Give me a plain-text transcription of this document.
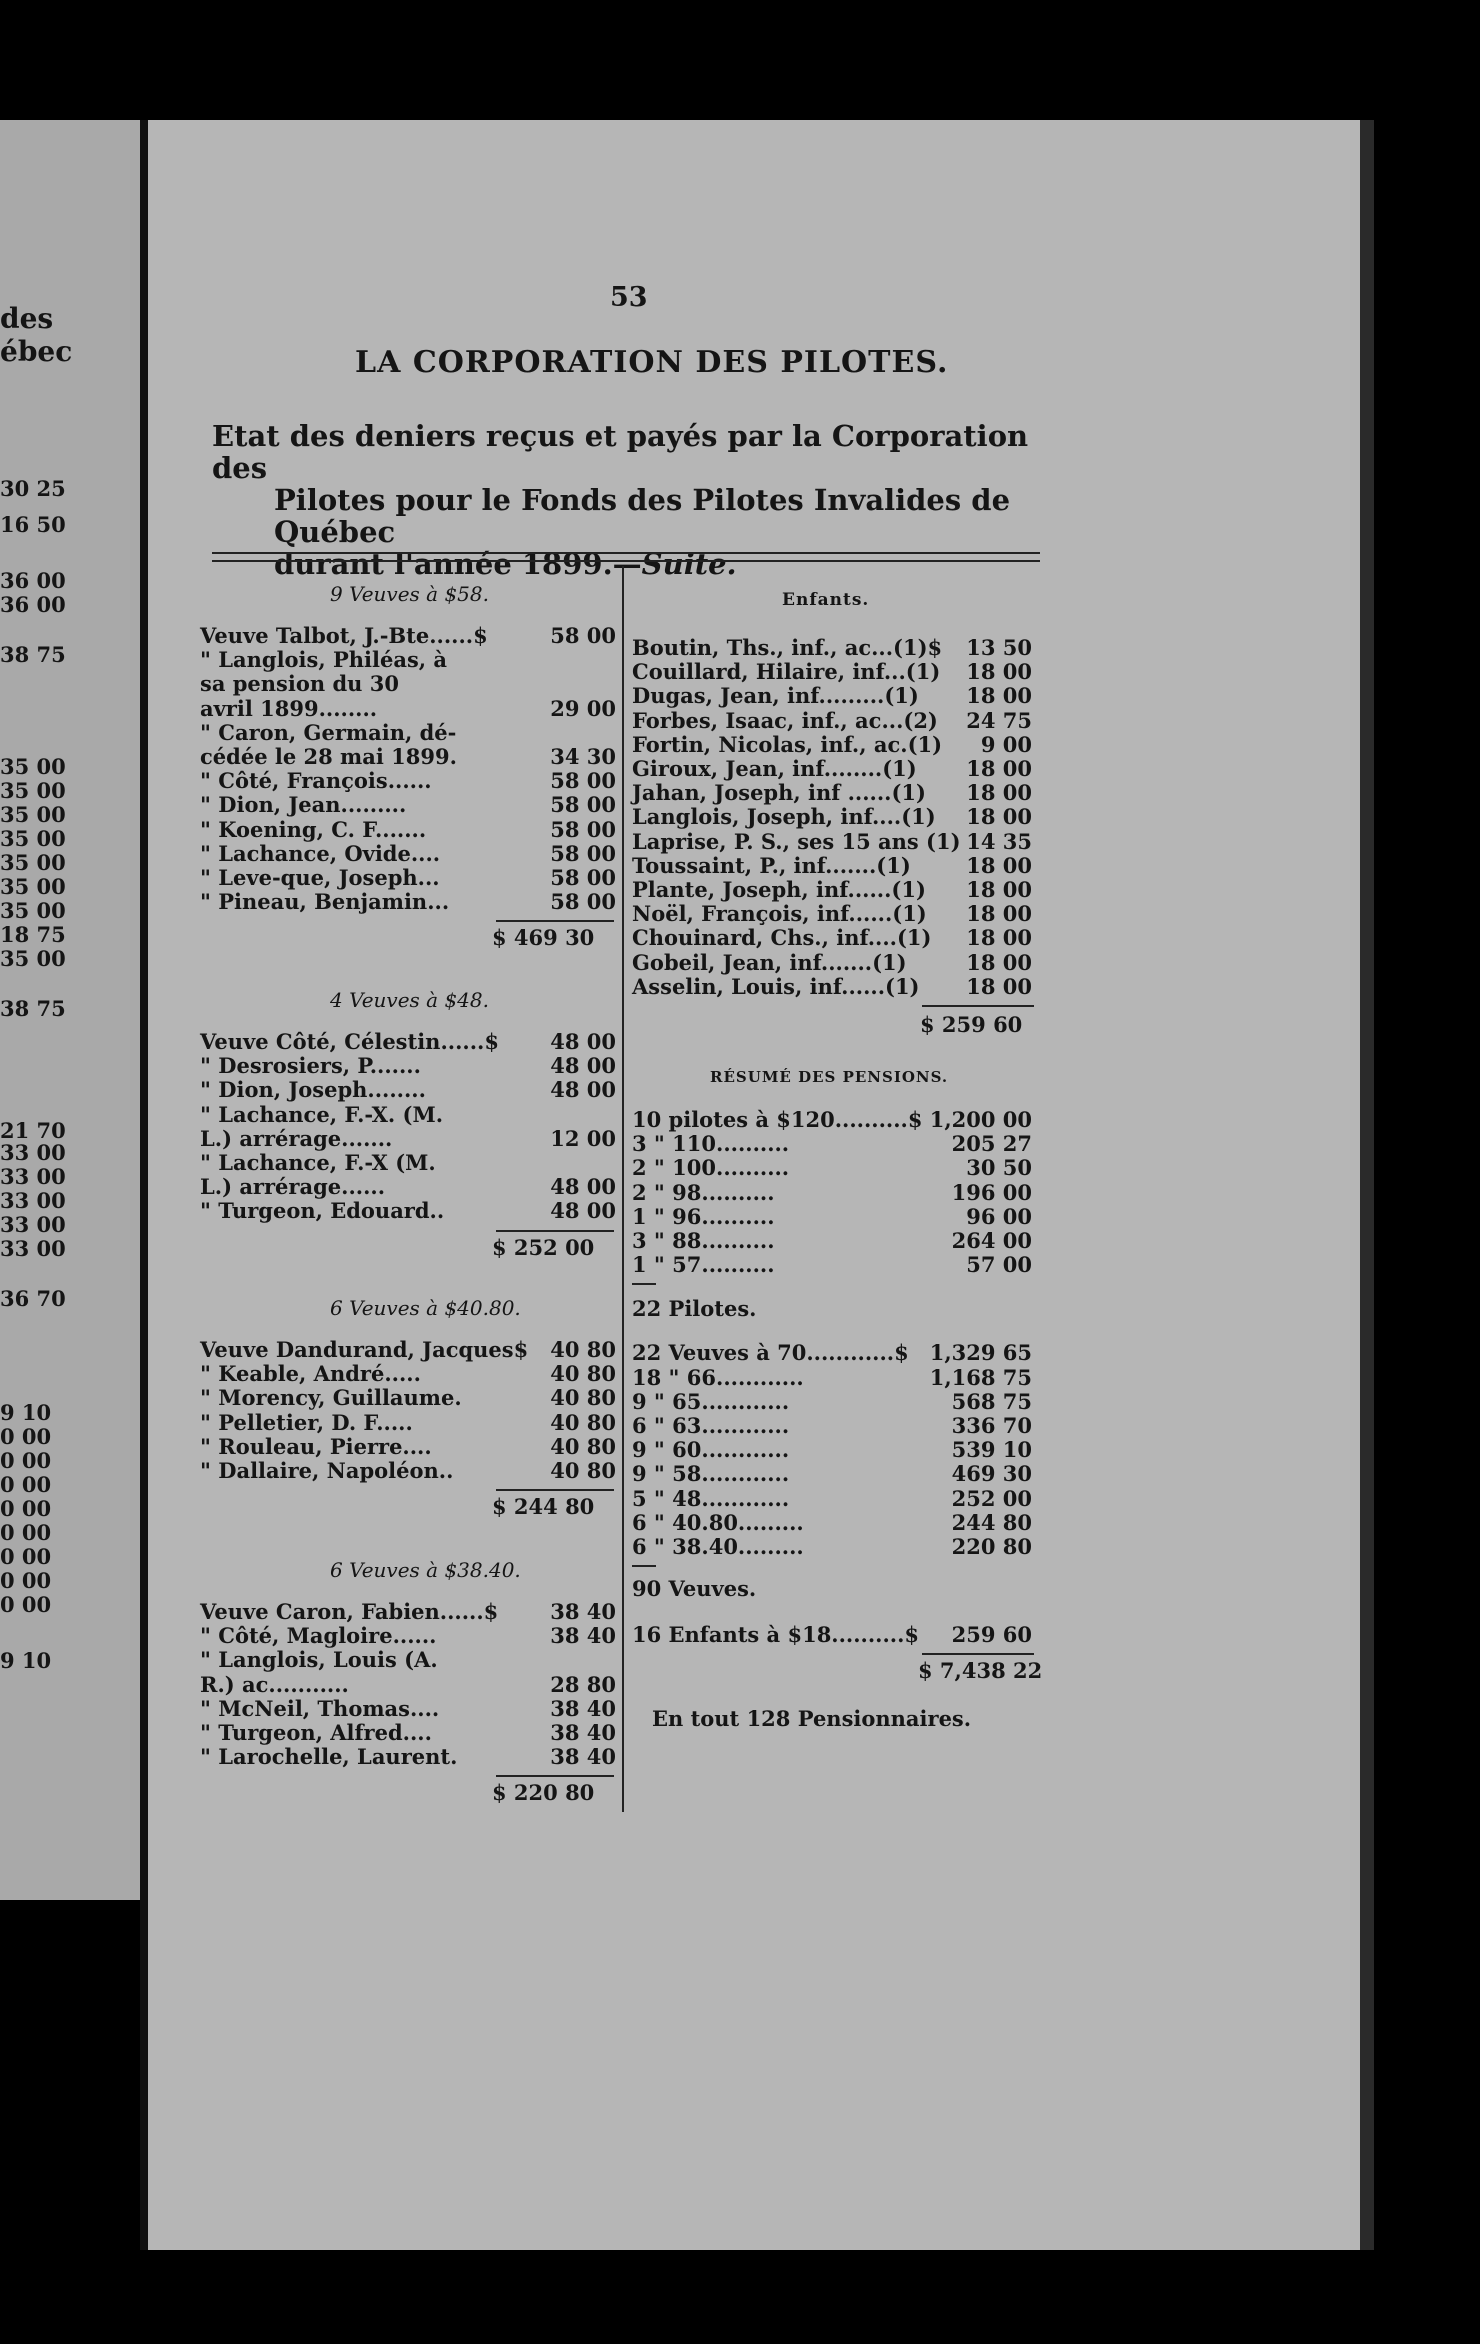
des
ébec
30 25
16 50
36 00
36 00
38 75
35 00
35 00
35 00
35 00
35 00
35 00
35 00
18 75
35 00
38 75
21 70
33 00
33 00
33 00
33 00
33 00
36 70
9 10
0 00
0 00
0 00
0 00
0 00
0 00
0 00
0 00
9 10
53
LA CORPORATION DES PILOTES.
Etat des deniers reçus et payés par la Corporation des
Pilotes pour le Fonds des Pilotes Invalides de Québec
durant l'année 1899.—Suite.
9 Veuves à $58.
Veuve Talbot, J.-Bte......$	58 00
" Langlois, Philéas, à
sa pension du 30
avril 1899........	29 00
" Caron, Germain, dé-
cédée le 28 mai 1899.	34 30
" Côté, François......	58 00
" Dion, Jean.........	58 00
" Koening, C. F.......	58 00
" Lachance, Ovide....	58 00
" Leve-que, Joseph...	58 00
" Pineau, Benjamin...	58 00
$ 469 30
4 Veuves à $48.
Veuve Côté, Célestin......$	48 00
" Desrosiers, P.......	48 00
" Dion, Joseph........	48 00
" Lachance, F.-X. (M.
L.) arrérage.......	12 00
" Lachance, F.-X (M.
L.) arrérage......	48 00
" Turgeon, Edouard..	48 00
$ 252 00
6 Veuves à $40.80.
Veuve Dandurand, Jacques$	40 80
" Keable, André.....	40 80
" Morency, Guillaume.	40 80
" Pelletier, D. F.....	40 80
" Rouleau, Pierre....	40 80
" Dallaire, Napoléon..	40 80
$ 244 80
6 Veuves à $38.40.
Veuve Caron, Fabien......$	38 40
" Côté, Magloire......	38 40
" Langlois, Louis (A.
R.) ac...........	28 80
" McNeil, Thomas....	38 40
" Turgeon, Alfred....	38 40
" Larochelle, Laurent.	38 40
$ 220 80
Enfants.
Boutin, Ths., inf., ac...(1)$	13 50
Couillard, Hilaire, inf...(1)	18 00
Dugas, Jean, inf.........(1)	18 00
Forbes, Isaac, inf., ac...(2)	24 75
Fortin, Nicolas, inf., ac.(1)	9 00
Giroux, Jean, inf........(1)	18 00
Jahan, Joseph, inf ......(1)	18 00
Langlois, Joseph, inf....(1)	18 00
Laprise, P. S., ses 15 ans (1) 14 35
Toussaint, P., inf.......(1)	18 00
Plante, Joseph, inf......(1)	18 00
Noël, François, inf......(1)	18 00
Chouinard, Chs., inf....(1)	18 00
Gobeil, Jean, inf.......(1)	18 00
Asselin, Louis, inf......(1)	18 00
$ 259 60
RÉSUMÉ DES PENSIONS.
10 pilotes à $120..........$ 1,200 00
3 " 110..........	205 27
2 " 100..........	30 50
2 " 98..........	196 00
1 " 96..........	96 00
3 " 88..........	264 00
1 " 57..........	57 00
22 Pilotes.
22 Veuves à 70............$ 1,329 65
18 " 66............	1,168 75
9 " 65............	568 75
6 " 63............	336 70
9 " 60............	539 10
9 " 58............	469 30
5 " 48............	252 00
6 " 40.80.........	244 80
6 " 38.40.........	220 80
90 Veuves.
16 Enfants à $18..........$	259 60
$ 7,438 22
En tout 128 Pensionnaires.
